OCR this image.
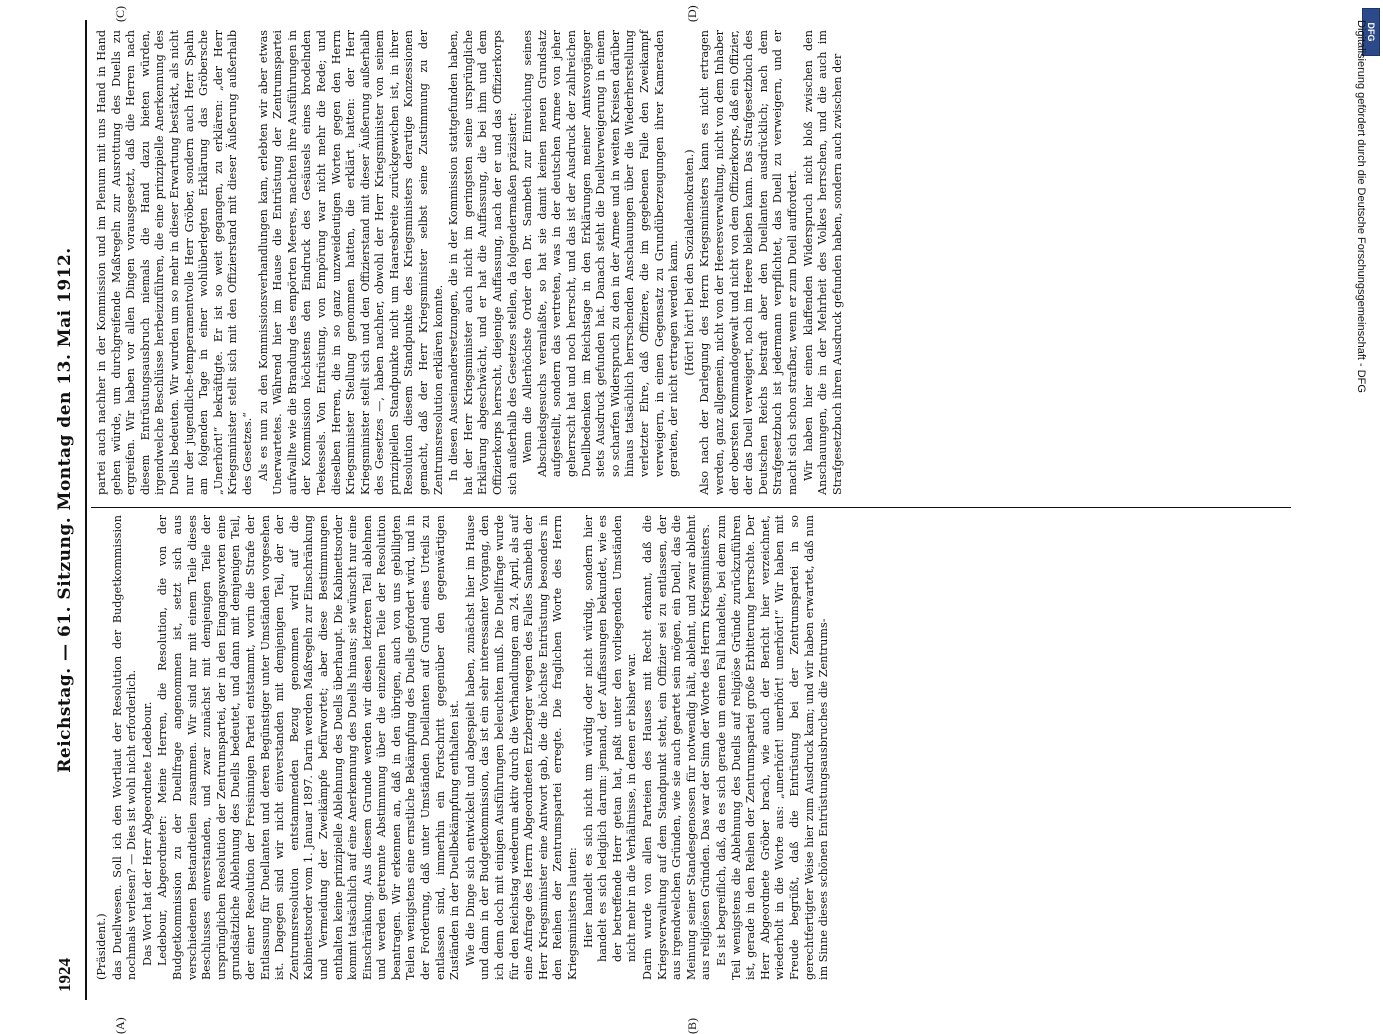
1924
Reichstag. — 61. Sitzung. Montag den 13. Mai 1912.
(A)	(B)
(C)	(D)

(Präsident.) das Duellwesen. Soll ich den Wortlaut der Resolution der Budgetkommission nochmals verlesen? — Dies ist wohl nicht erforderlich. Das Wort hat der Herr Abgeordnete Ledebour. Ledebour, Abgeordneter: Meine Herren, die Resolution, die von der Budgetkommission zu der Duellfrage angenommen ist, setzt sich aus verschiedenen Bestandteilen zusammen. Wir sind nur mit einem Teile dieses Beschlusses einverstanden, und zwar zunächst mit demjenigen Teile der ursprünglichen Resolution der Zentrumspartei, der in den Eingangsworten eine grundsätzliche Ablehnung des Duells bedeutet, und dann mit demjenigen Teil, der einer Resolution der Freisinnigen Partei entstammt, worin die Strafe der Entlassung für Duellanten und deren Begünstiger unter Umständen vorgesehen ist. Dagegen sind wir nicht einverstanden mit demjenigen Teil, der der Zentrumsresolution entstammenden Bezug genommen wird auf die Kabinettsorder vom 1. Januar 1897. Darin werden Maßregeln zur Einschränkung und Vermeidung der Zweikämpfe befürwortet; aber diese Bestimmungen enthalten keine prinzipielle Ablehnung des Duells überhaupt. Die Kabinettsorder kommt tatsächlich auf eine Anerkennung des Duells hinaus; sie wünscht nur eine Einschränkung. Aus diesem Grunde werden wir diesen letzteren Teil ablehnen und werden getrennte Abstimmung über die einzelnen Teile der Resolution beantragen. Wir erkennen an, daß in den übrigen, auch von uns gebilligten Teilen wenigstens eine ernstliche Bekämpfung des Duells gefordert wird, und in der Forderung, daß unter Umständen Duellanten auf Grund eines Urteils zu entlassen sind, immerhin ein Fortschritt gegenüber den gegenwärtigen Zuständen in der Duellbekämpfung enthalten ist. Wie die Dinge sich entwickelt und abgespielt haben, zunächst hier im Hause und dann in der Budgetkommission, das ist ein sehr interessanter Vorgang, den ich denn doch mit einigen Ausführungen beleuchten muß. Die Duellfrage wurde für den Reichstag wiederum aktiv durch die Verhandlungen am 24. April, als auf eine Anfrage des Herrn Abgeordneten Erzberger wegen des Falles Sambeth der Herr Kriegsminister eine Antwort gab, die die höchste Entrüstung besonders in den Reihen der Zentrumspartei erregte. Die fraglichen Worte des Herrn Kriegsministers lauten: Hier handelt es sich nicht um würdig oder nicht würdig, sondern hier handelt es sich lediglich darum: jemand, der Auffassungen bekundet, wie es der betreffende Herr getan hat, paßt unter den vorliegenden Umständen nicht mehr in die Verhältnisse, in denen er bisher war. Darin wurde von allen Parteien des Hauses mit Recht erkannt, daß die Kriegsverwaltung auf dem Standpunkt steht, ein Offizier sei zu entlassen, der aus irgendwelchen Gründen, wie sie auch geartet sein mögen, ein Duell, das die Meinung seiner Standesgenossen für notwendig hält, ablehnt, und zwar ablehnt aus religiösen Gründen. Das war der Sinn der Worte des Herrn Kriegsministers. Es ist begreiflich, daß, da es sich gerade um einen Fall handelte, bei dem zum Teil wenigstens die Ablehnung des Duells auf religiöse Gründe zurückzuführen ist, gerade in den Reihen der Zentrumspartei große Erbitterung herrschte. Der Herr Abgeordnete Gröber brach, wie auch der Bericht hier verzeichnet, wiederholt in die Worte aus: „unerhört! unerhört! unerhört!“ Wir haben mit Freude begrüßt, daß die Entrüstung bei der Zentrumspartei in so gerechtfertigter Weise hier zum Ausdruck kam; und wir haben erwartet, daß nun im Sinne dieses schönen Entrüstungsausbruches die Zentrums-

partei auch nachher in der Kommission und im Plenum mit uns Hand in Hand gehen würde, um durchgreifende Maßregeln zur Ausrottung des Duells zu ergreifen. Wir haben vor allen Dingen vorausgesetzt, daß die Herren nach diesem Entrüstungsausbruch niemals die Hand dazu bieten würden, irgendwelche Beschlüsse herbeizuführen, die eine prinzipielle Anerkennung des Duells bedeuten. Wir wurden um so mehr in dieser Erwartung bestärkt, als nicht nur der jugendliche-temperamentvolle Herr Gröber, sondern auch Herr Spahn am folgenden Tage in einer wohlüberlegten Erklärung das Gröbersche „Unerhört!“ bekräftigte. Er ist so weit gegangen, zu erklären: „der Herr Kriegsminister stellt sich mit den Offizierstand mit dieser Äußerung außerhalb des Gesetzes.“ Als es nun zu den Kommissionsverhandlungen kam, erlebten wir aber etwas Unerwartetes. Während hier im Hause die Entrüstung der Zentrumspartei aufwallte wie die Brandung des empörten Meeres, machten ihre Ausführungen in der Kommission höchstens den Eindruck des Gesäusels eines brodelnden Teekessels. Von Entrüstung, von Empörung war nicht mehr die Rede; und dieselben Herren, die in so ganz unzweideutigen Worten gegen den Herrn Kriegsminister Stellung genommen hatten, die erklärt hatten: der Herr Kriegsminister stellt sich und den Offizierstand mit dieser Äußerung außerhalb des Gesetzes —, haben nachher, obwohl der Herr Kriegsminister von seinem prinzipiellen Standpunkte nicht um Haaresbreite zurückgewichen ist, in ihrer Resolution diesem Standpunkte des Kriegsministers derartige Konzessionen gemacht, daß der Herr Kriegsminister selbst seine Zustimmung zu der Zentrumsresolution erklären konnte. In diesen Auseinandersetzungen, die in der Kommission stattgefunden haben, hat der Herr Kriegsminister auch nicht im geringsten seine ursprüngliche Erklärung abgeschwächt, und er hat die Auffassung, die bei ihm und dem Offizierkorps herrscht, diejenige Auffassung, nach der er und das Offizierkorps sich außerhalb des Gesetzes stellen, da folgendermaßen präzisiert: Wenn die Allerhöchste Order den Dr. Sambeth zur Einreichung seines Abschiedsgesuchs veranlaßte, so hat sie damit keinen neuen Grundsatz aufgestellt, sondern das vertreten, was in der deutschen Armee von jeher geherrscht hat und noch herrscht, und das ist der Ausdruck der zahlreichen Duellbedenken im Reichstage in den Erklärungen meiner Amtsvorgänger stets Ausdruck gefunden hat. Danach steht die Duellverweigerung in einem so scharfen Widerspruch zu den in der Armee und in weiten Kreisen darüber hinaus tatsächlich herrschenden Anschauungen über die Wiederherstellung verletzter Ehre, daß Offiziere, die im gegebenen Falle den Zweikampf verweigern, in einen Gegensatz zu Grundüberzeugungen ihrer Kameraden geraten, der nicht ertragen werden kann. (Hört! hört! bei den Sozialdemokraten.) Also nach der Darlegung des Herrn Kriegsministers kann es nicht ertragen werden, ganz allgemein, nicht von der Heeresverwaltung, nicht von dem Inhaber der obersten Kommandogewalt und nicht von dem Offizierkorps, daß ein Offizier, der das Duell verweigert, noch im Heere bleiben kann. Das Strafgesetzbuch des Deutschen Reichs bestraft aber den Duellanten ausdrücklich; nach dem Strafgesetzbuch ist jedermann verpflichtet, das Duell zu verweigern, und er macht sich schon strafbar, wenn er zum Duell auffordert. Wir haben hier einen klaffenden Widerspruch nicht bloß zwischen den Anschauungen, die in der Mehrheit des Volkes herrschen, und die auch im Strafgesetzbuch ihren Ausdruck gefunden haben, sondern auch zwischen der

DFG
Digitalisierung gefördert durch die Deutsche Forschungsgemeinschaft - DFG
